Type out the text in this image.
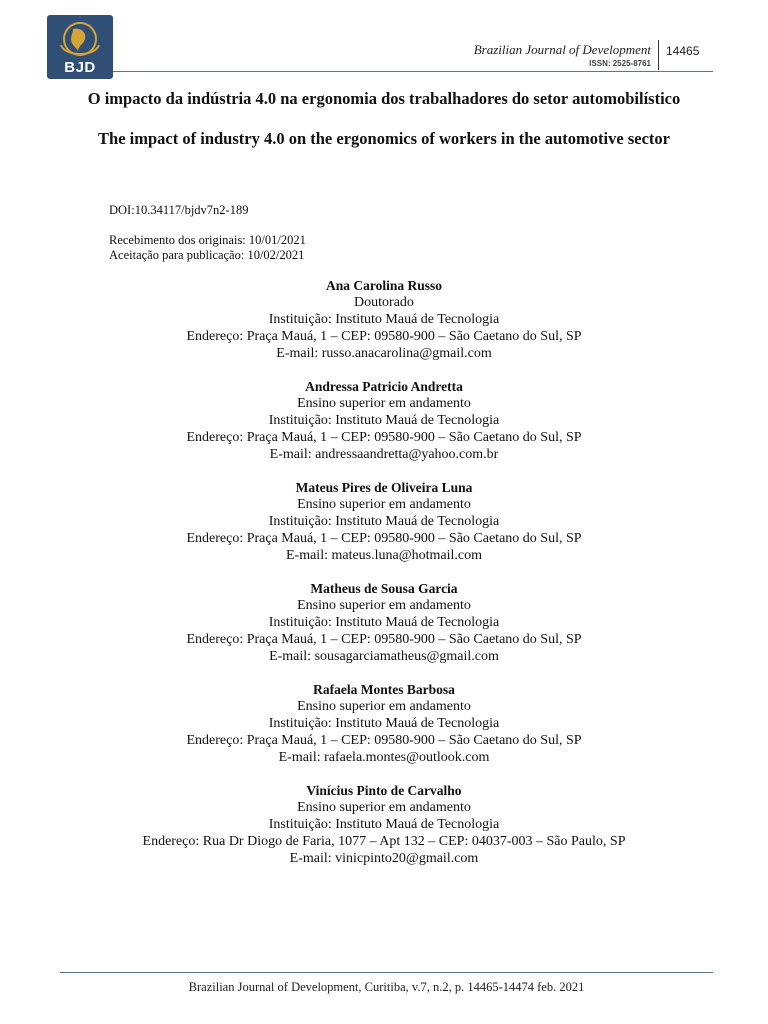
BJD
Brazilian Journal of Development
ISSN: 2525-8761
14465

O impacto da indústria 4.0 na ergonomia dos trabalhadores do setor automobilístico

The impact of industry 4.0 on the ergonomics of workers in the automotive sector

DOI:10.34117/bjdv7n2-189
Recebimento dos originais: 10/01/2021
Aceitação para publicação: 10/02/2021
Ana Carolina Russo
Doutorado
Instituição: Instituto Mauá de Tecnologia
Endereço: Praça Mauá, 1 – CEP: 09580-900 – São Caetano do Sul, SP
E-mail: russo.anacarolina@gmail.com
Andressa Patricio Andretta
Ensino superior em andamento
Instituição: Instituto Mauá de Tecnologia
Endereço: Praça Mauá, 1 – CEP: 09580-900 – São Caetano do Sul, SP
E-mail: andressaandretta@yahoo.com.br
Mateus Pires de Oliveira Luna
Ensino superior em andamento
Instituição: Instituto Mauá de Tecnologia
Endereço: Praça Mauá, 1 – CEP: 09580-900 – São Caetano do Sul, SP
E-mail: mateus.luna@hotmail.com
Matheus de Sousa Garcia
Ensino superior em andamento
Instituição: Instituto Mauá de Tecnologia
Endereço: Praça Mauá, 1 – CEP: 09580-900 – São Caetano do Sul, SP
E-mail: sousagarciamatheus@gmail.com
Rafaela Montes Barbosa
Ensino superior em andamento
Instituição: Instituto Mauá de Tecnologia
Endereço: Praça Mauá, 1 – CEP: 09580-900 – São Caetano do Sul, SP
E-mail: rafaela.montes@outlook.com
Vinícius Pinto de Carvalho
Ensino superior em andamento
Instituição: Instituto Mauá de Tecnologia
Endereço: Rua Dr Diogo de Faria, 1077 – Apt 132 – CEP: 04037-003 – São Paulo, SP
E-mail: vinicpinto20@gmail.com
Brazilian Journal of Development, Curitiba, v.7, n.2, p. 14465-14474 feb. 2021
